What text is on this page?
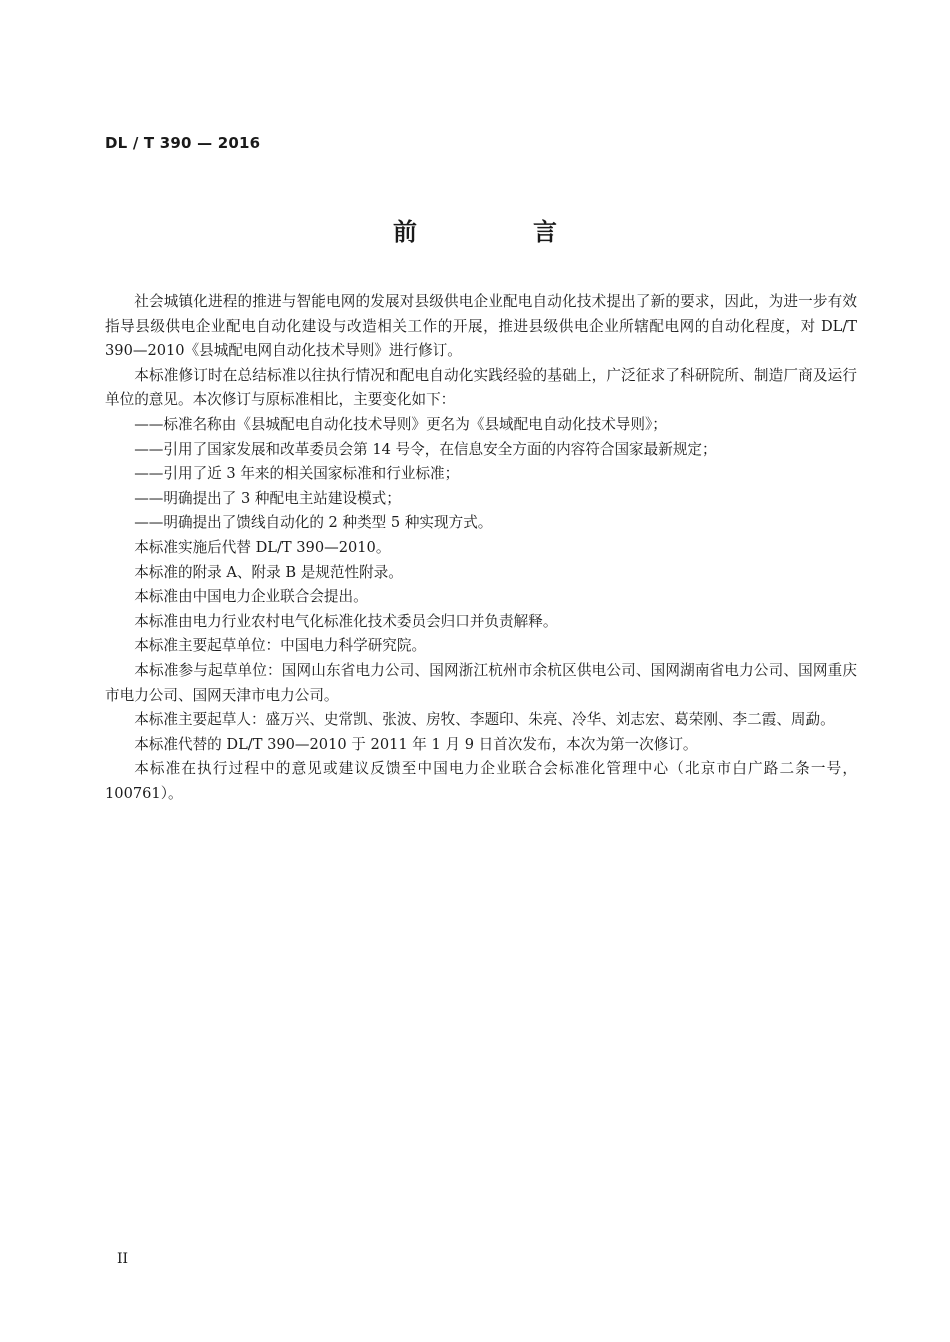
DL / T 390 — 2016
前　言

社会城镇化进程的推进与智能电网的发展对县级供电企业配电自动化技术提出了新的要求，因此，为进一步有效指导县级供电企业配电自动化建设与改造相关工作的开展，推进县级供电企业所辖配电网的自动化程度，对 DL/T 390—2010《县城配电网自动化技术导则》进行修订。

本标准修订时在总结标准以往执行情况和配电自动化实践经验的基础上，广泛征求了科研院所、制造厂商及运行单位的意见。本次修订与原标准相比，主要变化如下：

——标准名称由《县城配电自动化技术导则》更名为《县域配电自动化技术导则》；

——引用了国家发展和改革委员会第 14 号令，在信息安全方面的内容符合国家最新规定；

——引用了近 3 年来的相关国家标准和行业标准；

——明确提出了 3 种配电主站建设模式；

——明确提出了馈线自动化的 2 种类型 5 种实现方式。

本标准实施后代替 DL/T 390—2010。

本标准的附录 A、附录 B 是规范性附录。

本标准由中国电力企业联合会提出。

本标准由电力行业农村电气化标准化技术委员会归口并负责解释。

本标准主要起草单位：中国电力科学研究院。

本标准参与起草单位：国网山东省电力公司、国网浙江杭州市余杭区供电公司、国网湖南省电力公司、国网重庆市电力公司、国网天津市电力公司。

本标准主要起草人：盛万兴、史常凯、张波、房牧、李题印、朱亮、冷华、刘志宏、葛荣刚、李二霞、周勐。

本标准代替的 DL/T 390—2010 于 2011 年 1 月 9 日首次发布，本次为第一次修订。

本标准在执行过程中的意见或建议反馈至中国电力企业联合会标准化管理中心（北京市白广路二条一号，100761）。

II
